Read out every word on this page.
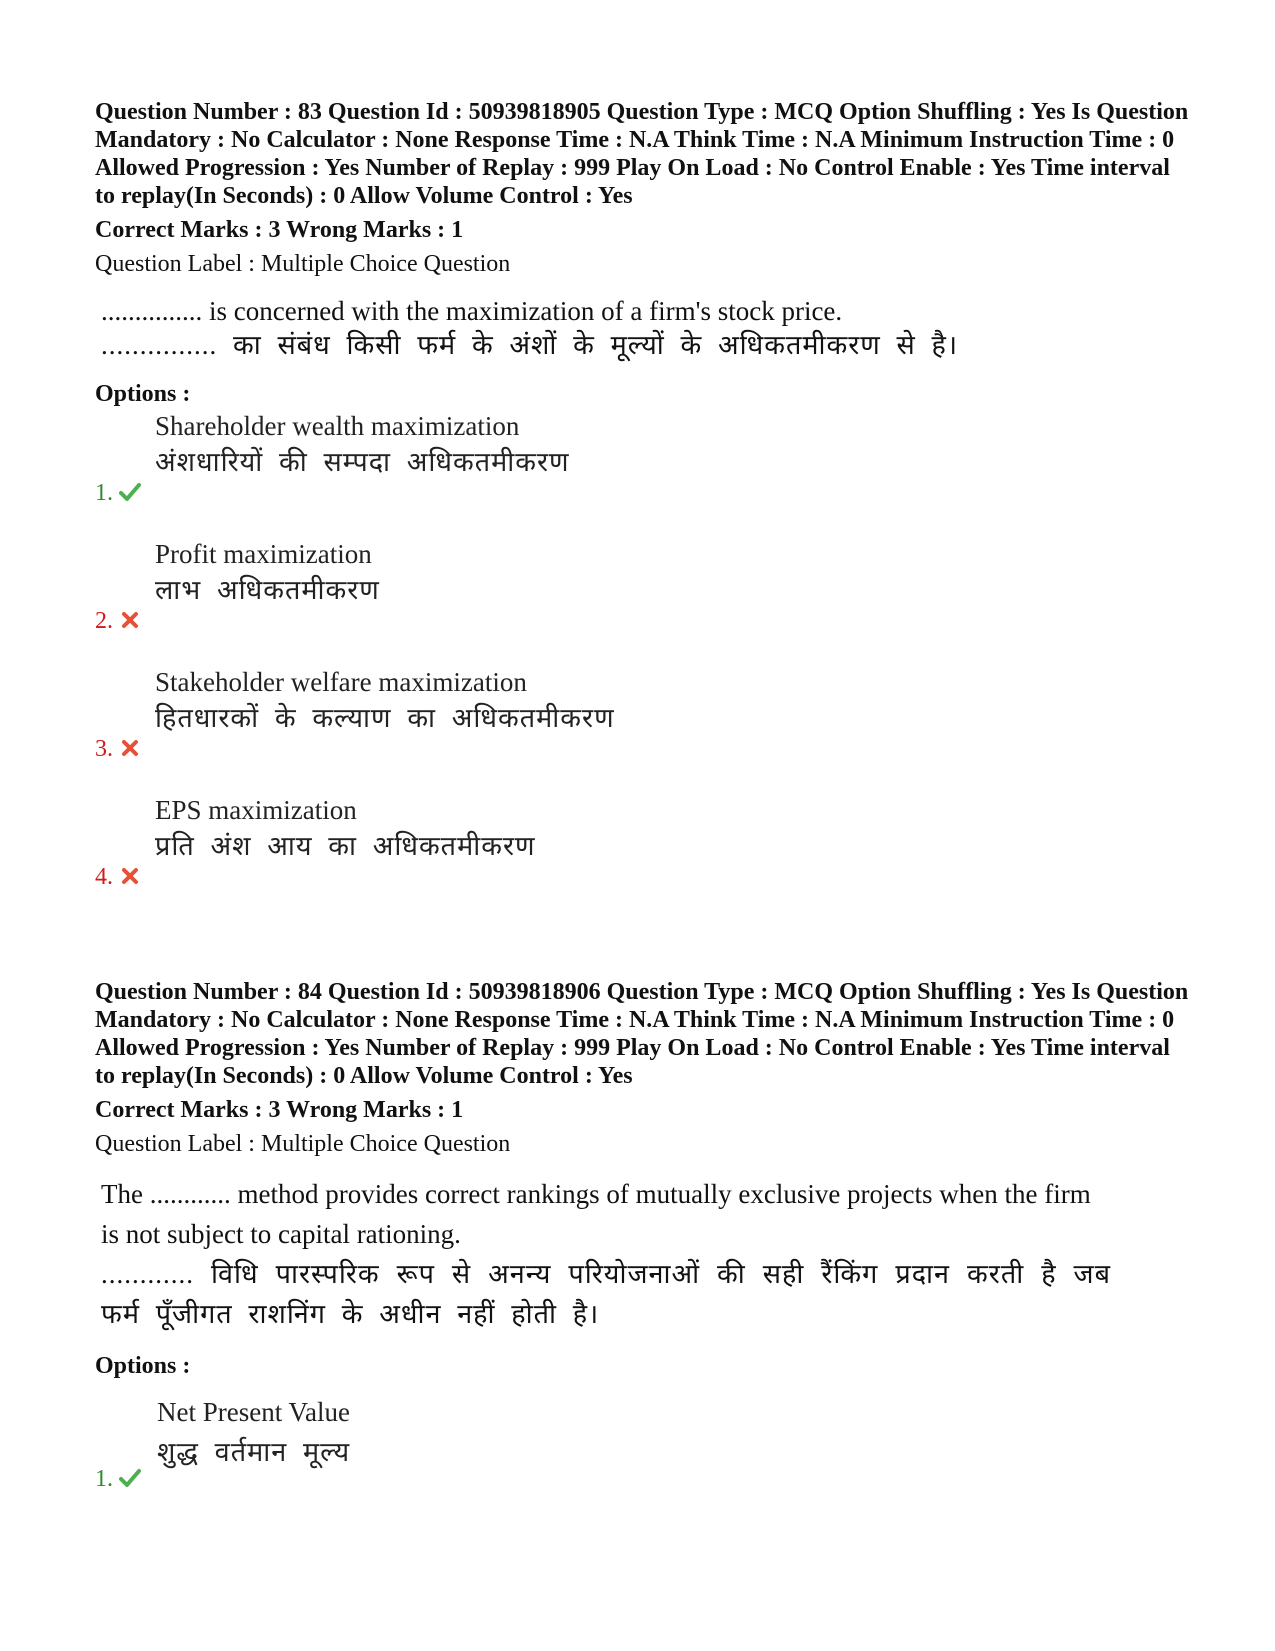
Question Number : 83 Question Id : 50939818905 Question Type : MCQ Option Shuffling : Yes Is Question Mandatory : No Calculator : None Response Time : N.A Think Time : N.A Minimum Instruction Time : 0 Allowed Progression : Yes Number of Replay : 999 Play On Load : No Control Enable : Yes Time interval to replay(In Seconds) : 0 Allow Volume Control : Yes

Correct Marks : 3 Wrong Marks : 1
Question Label : Multiple Choice Question
............... is concerned with the maximization of a firm's stock price.
............... का संबंध किसी फर्म के अंशों के मूल्यों के अधिकतमीकरण से है।
Options :
1.
Shareholder wealth maximization
अंशधारियों की सम्पदा अधिकतमीकरण
2.
Profit maximization
लाभ अधिकतमीकरण
3.
Stakeholder welfare maximization
हितधारकों के कल्याण का अधिकतमीकरण
4.
EPS maximization
प्रति अंश आय का अधिकतमीकरण

Question Number : 84 Question Id : 50939818906 Question Type : MCQ Option Shuffling : Yes Is Question Mandatory : No Calculator : None Response Time : N.A Think Time : N.A Minimum Instruction Time : 0 Allowed Progression : Yes Number of Replay : 999 Play On Load : No Control Enable : Yes Time interval to replay(In Seconds) : 0 Allow Volume Control : Yes

Correct Marks : 3 Wrong Marks : 1
Question Label : Multiple Choice Question
The ............ method provides correct rankings of mutually exclusive projects when the firm is not subject to capital rationing.
............ विधि पारस्परिक रूप से अनन्य परियोजनाओं की सही रैंकिंग प्रदान करती है जब फर्म पूँजीगत राशनिंग के अधीन नहीं होती है।
Options :
1.
Net Present Value
शुद्ध वर्तमान मूल्य
